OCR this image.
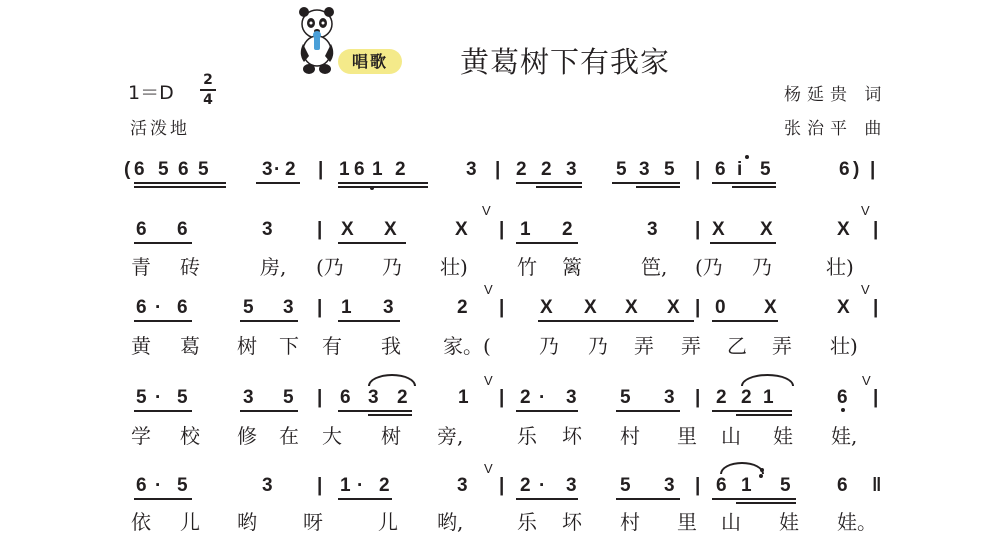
唱歌	黄葛树下有我家
1＝D
2
4
活泼地
杨延贵 词
张治平 曲
( 6 5 6 5	3 · 2 | 1 6 1 2	3 | 2 2 3 5 3 5 | 6 i 5	6 ) |
6 6	3 | X X	X | 1 2	3 | X X	X |
青 砖	房, (乃 乃 壮) 竹 篱	笆, (乃 乃	壮)
6 · 6	5 3 | 1 3	2 | X X X X | 0 X	X |
黄 葛 树 下 有 我 家。( 乃 乃 弄 弄 乙 弄 壮)
5 · 5	3 5 | 6 3 2	1 | 2 · 3 5 3 | 2 2 1	6 |
学 校 修 在 大 树 旁,	乐 坏 村 里 山 娃 娃,
6 · 5	3 | 1 · 2	3 | 2 · 3 5 3 | 6 1 5 6 ‖
依 儿 哟 呀	儿 哟,	乐 坏 村 里 山 娃 娃。
V	V
V	V
V	V
V
